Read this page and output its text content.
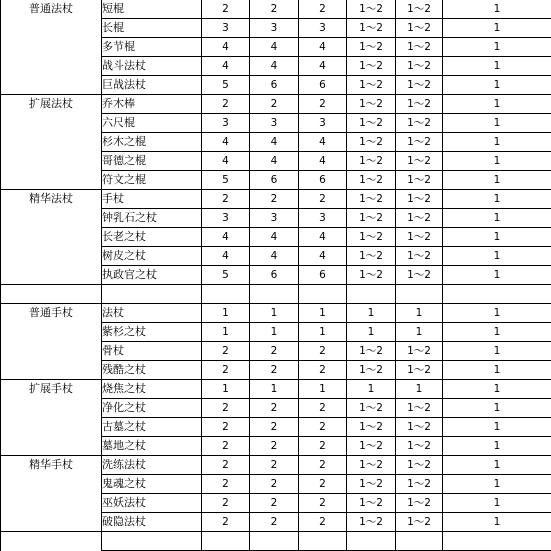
普通法杖	短棍	2	2	2	1～2	1～2	1
	长棍	3	3	3	1～2	1～2	1
	多节棍	4	4	4	1～2	1～2	1
	战斗法杖	4	4	4	1～2	1～2	1
	巨战法杖	5	6	6	1～2	1～2	1
扩展法杖	乔木棒	2	2	2	1～2	1～2	1
	六尺棍	3	3	3	1～2	1～2	1
	杉木之棍	4	4	4	1～2	1～2	1
	哥德之棍	4	4	4	1～2	1～2	1
	符文之棍	5	6	6	1～2	1～2	1
精华法杖	手杖	2	2	2	1～2	1～2	1
	钟乳石之杖	3	3	3	1～2	1～2	1
	长老之杖	4	4	4	1～2	1～2	1
	树皮之杖	4	4	4	1～2	1～2	1
	执政官之杖	5	6	6	1～2	1～2	1

普通手杖	法杖	1	1	1	1	1	1
	紫杉之杖	1	1	1	1	1	1
	骨杖	2	2	2	1～2	1～2	1
	残酷之杖	2	2	2	1～2	1～2	1
扩展手杖	烧焦之杖	1	1	1	1	1	1
	净化之杖	2	2	2	1～2	1～2	1
	古墓之杖	2	2	2	1～2	1～2	1
	墓地之杖	2	2	2	1～2	1～2	1
精华手杖	洗练法杖	2	2	2	1～2	1～2	1
	鬼魂之杖	2	2	2	1～2	1～2	1
	巫妖法杖	2	2	2	1～2	1～2	1
	破隐法杖	2	2	2	1～2	1～2	1
